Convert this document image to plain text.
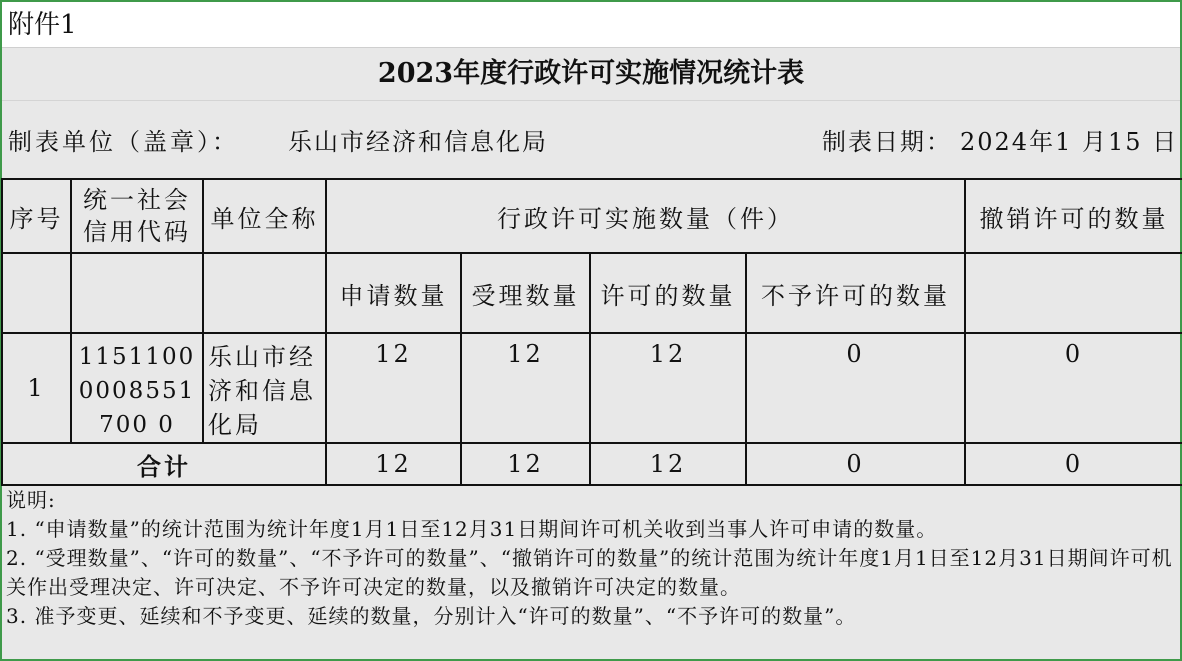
附件1
2023年度行政许可实施情况统计表
制表单位（盖章）： 乐山市经济和信息化局	制表日期： 2024年1 月15 日
序号	统一社会信用代码	单位全称	行政许可实施数量（件）				撤销许可的数量
			申请数量	受理数量	许可的数量	不予许可的数量	
1	11511000008551700 0	乐山市经济和信息化局	12	12	12	0	0
合计			12	12	12	0	0
说明:
1. “申请数量”的统计范围为统计年度1月1日至12月31日期间许可机关收到当事人许可申请的数量。
2. “受理数量”、“许可的数量”、“不予许可的数量”、“撤销许可的数量”的统计范围为统计年度1月1日至12月31日期间许可机关作出受理决定、许可决定、不予许可决定的数量，以及撤销许可决定的数量。
3. 准予变更、延续和不予变更、延续的数量，分别计入“许可的数量”、“不予许可的数量”。
